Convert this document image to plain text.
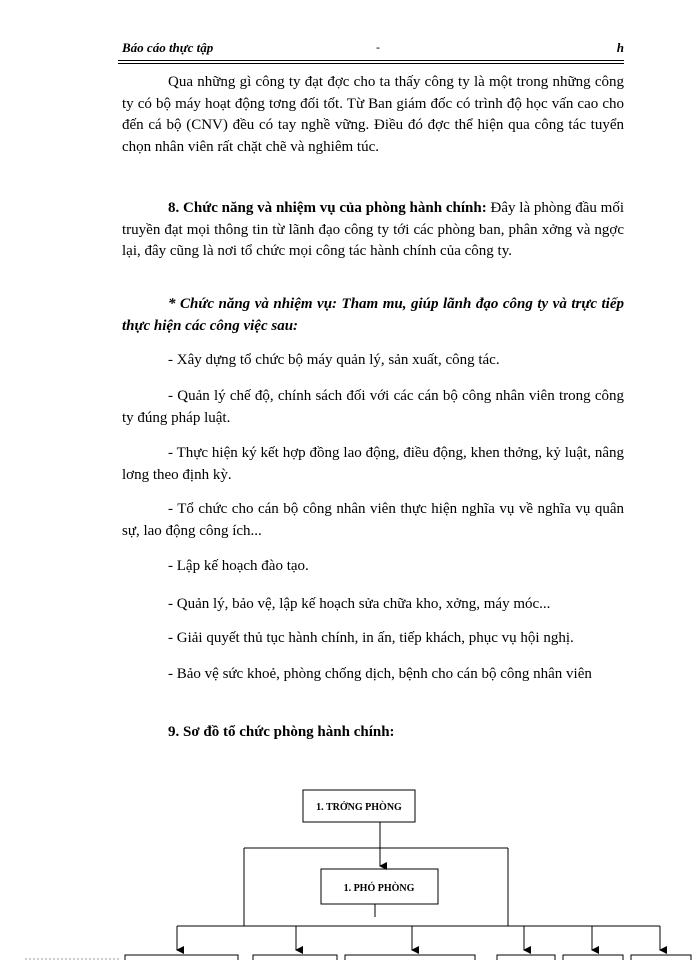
Báo cáo thực tập	-	h

Qua những gì công ty đạt đợc cho ta thấy công ty là một trong những công ty có bộ máy hoạt động tơng đối tốt. Từ Ban giám đốc có trình độ học vấn cao cho đến cá bộ (CNV) đều có tay nghề vững. Điều đó đợc thể hiện qua công tác tuyển chọn nhân viên rất chặt chẽ và nghiêm túc.

8. Chức năng và nhiệm vụ của phòng hành chính: Đây là phòng đầu mối truyền đạt mọi thông tin từ lãnh đạo công ty tới các phòng ban, phân xởng và ngợc lại, đây cũng là nơi tổ chức mọi công tác hành chính của công ty.

* Chức năng và nhiệm vụ: Tham mu, giúp lãnh đạo công ty và trực tiếp thực hiện các công việc sau:

- Xây dựng tổ chức bộ máy quản lý, sản xuất, công tác.

- Quản lý chế độ, chính sách đối với các cán bộ công nhân viên trong công ty đúng pháp luật.

- Thực hiện ký kết hợp đồng lao động, điều động, khen thởng, kỷ luật, nâng lơng theo định kỳ.

- Tổ chức cho cán bộ công nhân viên thực hiện nghĩa vụ về nghĩa vụ quân sự, lao động công ích...

- Lập kế hoạch đào tạo.

- Quản lý, bảo vệ, lập kế hoạch sửa chữa kho, xởng, máy móc...

- Giải quyết thủ tục hành chính, in ấn, tiếp khách, phục vụ hội nghị.

- Bảo vệ sức khoẻ, phòng chống dịch, bệnh cho cán bộ công nhân viên

9. Sơ đồ tổ chức phòng hành chính:

1. TRỞNG PHÒNG
1. PHÓ PHÒNG
